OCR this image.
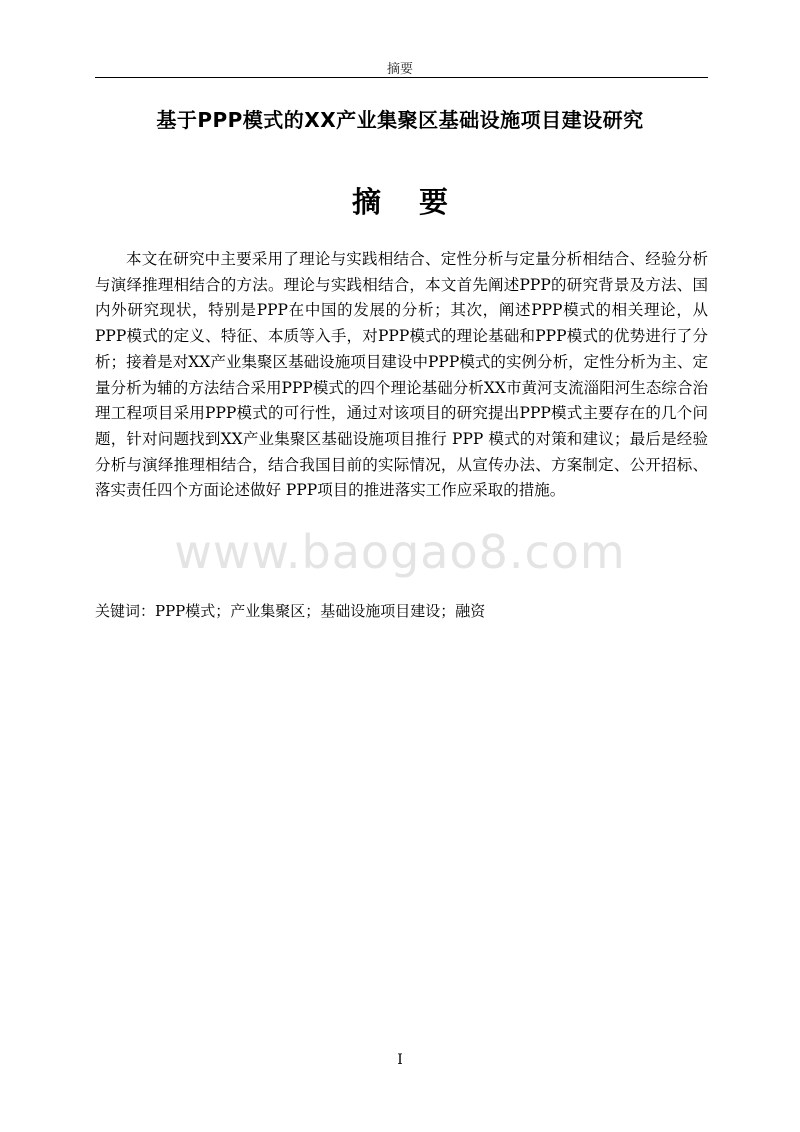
摘要
基于PPP模式的XX产业集聚区基础设施项目建设研究
摘 要

本文在研究中主要采用了理论与实践相结合、定性分析与定量分析相结合、经验分析与演绎推理相结合的方法。理论与实践相结合，本文首先阐述PPP的研究背景及方法、国内外研究现状，特别是PPP在中国的发展的分析；其次，阐述PPP模式的相关理论，从PPP模式的定义、特征、本质等入手，对PPP模式的理论基础和PPP模式的优势进行了分析；接着是对XX产业集聚区基础设施项目建设中PPP模式的实例分析，定性分析为主、定量分析为辅的方法结合采用PPP模式的四个理论基础分析XX市黄河支流淄阳河生态综合治理工程项目采用PPP模式的可行性，通过对该项目的研究提出PPP模式主要存在的几个问题，针对问题找到XX产业集聚区基础设施项目推行 PPP 模式的对策和建议；最后是经验分析与演绎推理相结合，结合我国目前的实际情况，从宣传办法、方案制定、公开招标、落实责任四个方面论述做好 PPP项目的推进落实工作应采取的措施。

www.baogao8.com
关键词：PPP模式；产业集聚区；基础设施项目建设；融资
I
